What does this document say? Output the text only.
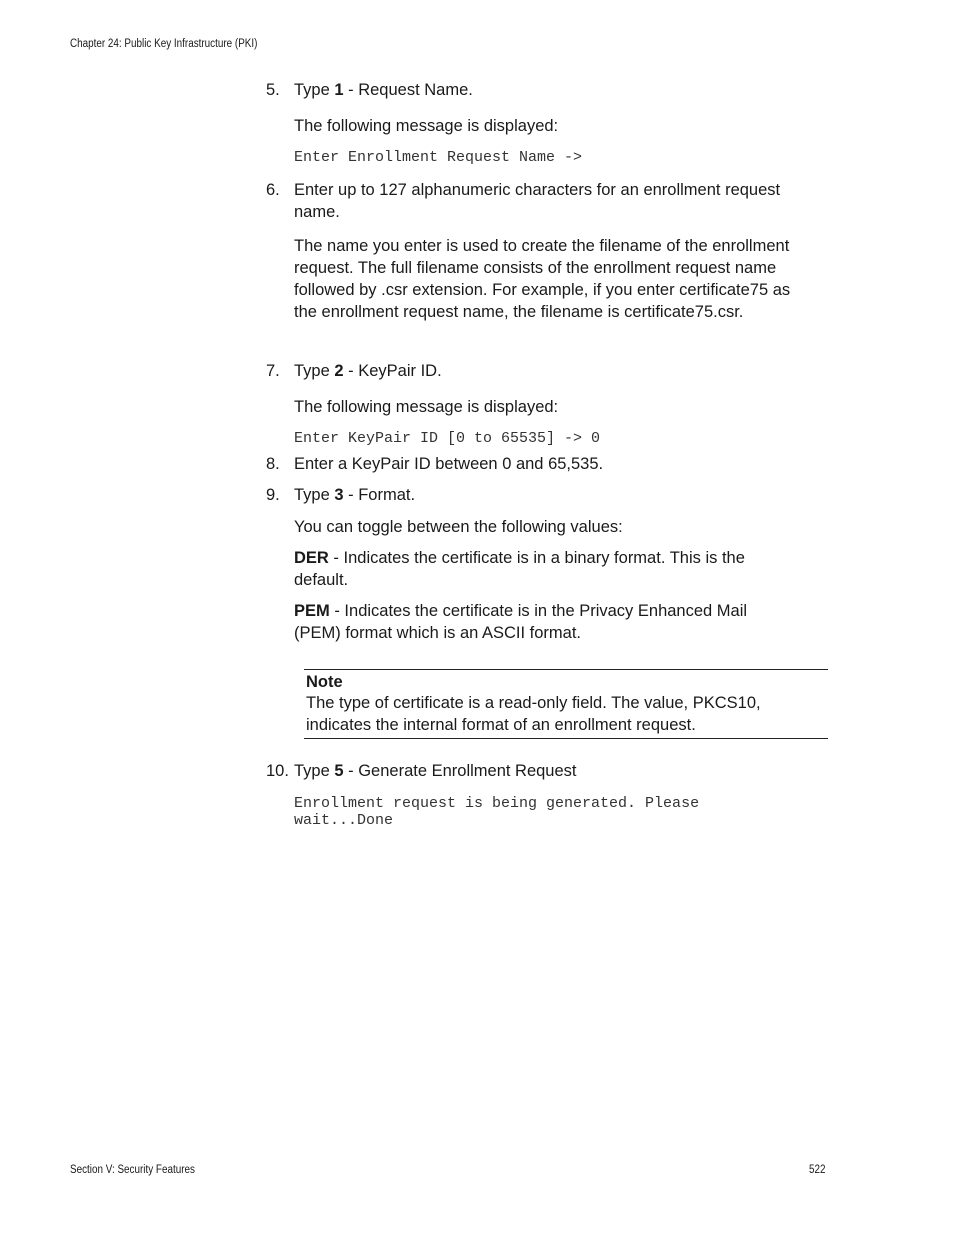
Chapter 24: Public Key Infrastructure (PKI)
5. Type 1 - Request Name.
The following message is displayed:
Enter Enrollment Request Name ->
6. Enter up to 127 alphanumeric characters for an enrollment request name.
The name you enter is used to create the filename of the enrollment request. The full filename consists of the enrollment request name followed by .csr extension. For example, if you enter certificate75 as the enrollment request name, the filename is certificate75.csr.
7. Type 2 - KeyPair ID.
The following message is displayed:
Enter KeyPair ID [0 to 65535] -> 0
8. Enter a KeyPair ID between 0 and 65,535.
9. Type 3 - Format.
You can toggle between the following values:
DER - Indicates the certificate is in a binary format. This is the default.
PEM - Indicates the certificate is in the Privacy Enhanced Mail (PEM) format which is an ASCII format.
Note
The type of certificate is a read-only field. The value, PKCS10, indicates the internal format of an enrollment request.
10. Type 5 - Generate Enrollment Request
Enrollment request is being generated. Please
wait...Done
Section V: Security Features	522
